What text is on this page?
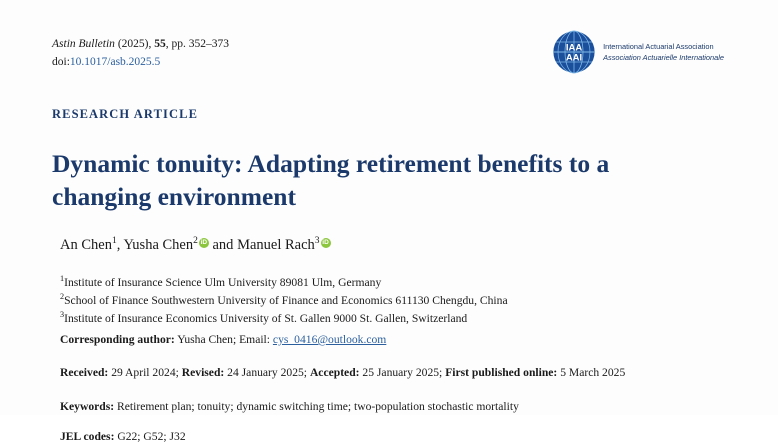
Astin Bulletin (2025), 55, pp. 352–373
doi:10.1017/asb.2025.5
IAA
AAI
International Actuarial Association
Association Actuarielle Internationale
RESEARCH ARTICLE
Dynamic tonuity: Adapting retirement benefits to a changing environment
An Chen$^1$, Yusha Chen$^2$iD and Manuel Rach$^3$iD
$^1$Institute of Insurance Science Ulm University 89081 Ulm, Germany
$^2$School of Finance Southwestern University of Finance and Economics 611130 Chengdu, China
$^3$Institute of Insurance Economics University of St. Gallen 9000 St. Gallen, Switzerland
Corresponding author: Yusha Chen; Email: cys_0416@outlook.com
Received: 29 April 2024; Revised: 24 January 2025; Accepted: 25 January 2025; First published online: 5 March 2025
Keywords: Retirement plan; tonuity; dynamic switching time; two-population stochastic mortality
JEL codes: G22; G52; J32
